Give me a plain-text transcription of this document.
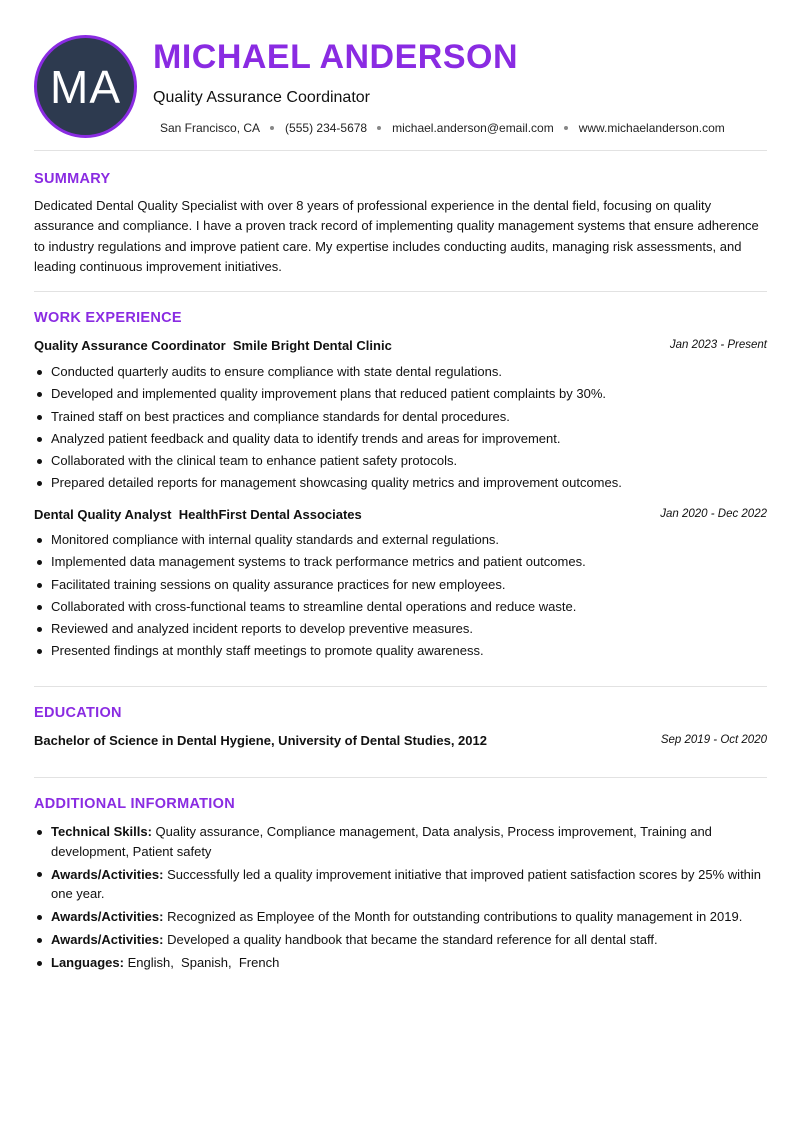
MA
MICHAEL ANDERSON
Quality Assurance Coordinator
San Francisco, CA (555) 234-5678 michael.anderson@email.com www.michaelanderson.com
SUMMARY
Dedicated Dental Quality Specialist with over 8 years of professional experience in the dental field, focusing on quality assurance and compliance. I have a proven track record of implementing quality management systems that ensure adherence to industry regulations and improve patient care. My expertise includes conducting audits, managing risk assessments, and leading continuous improvement initiatives.
WORK EXPERIENCE
Quality Assurance Coordinator  Smile Bright Dental Clinic	Jan 2023 - Present
Conducted quarterly audits to ensure compliance with state dental regulations.
Developed and implemented quality improvement plans that reduced patient complaints by 30%.
Trained staff on best practices and compliance standards for dental procedures.
Analyzed patient feedback and quality data to identify trends and areas for improvement.
Collaborated with the clinical team to enhance patient safety protocols.
Prepared detailed reports for management showcasing quality metrics and improvement outcomes.
Dental Quality Analyst  HealthFirst Dental Associates	Jan 2020 - Dec 2022
Monitored compliance with internal quality standards and external regulations.
Implemented data management systems to track performance metrics and patient outcomes.
Facilitated training sessions on quality assurance practices for new employees.
Collaborated with cross-functional teams to streamline dental operations and reduce waste.
Reviewed and analyzed incident reports to develop preventive measures.
Presented findings at monthly staff meetings to promote quality awareness.
EDUCATION
Bachelor of Science in Dental Hygiene, University of Dental Studies, 2012	Sep 2019 - Oct 2020
ADDITIONAL INFORMATION
Technical Skills: Quality assurance, Compliance management, Data analysis, Process improvement, Training and development, Patient safety
Awards/Activities: Successfully led a quality improvement initiative that improved patient satisfaction scores by 25% within one year.
Awards/Activities: Recognized as Employee of the Month for outstanding contributions to quality management in 2019.
Awards/Activities: Developed a quality handbook that became the standard reference for all dental staff.
Languages: English,  Spanish,  French
